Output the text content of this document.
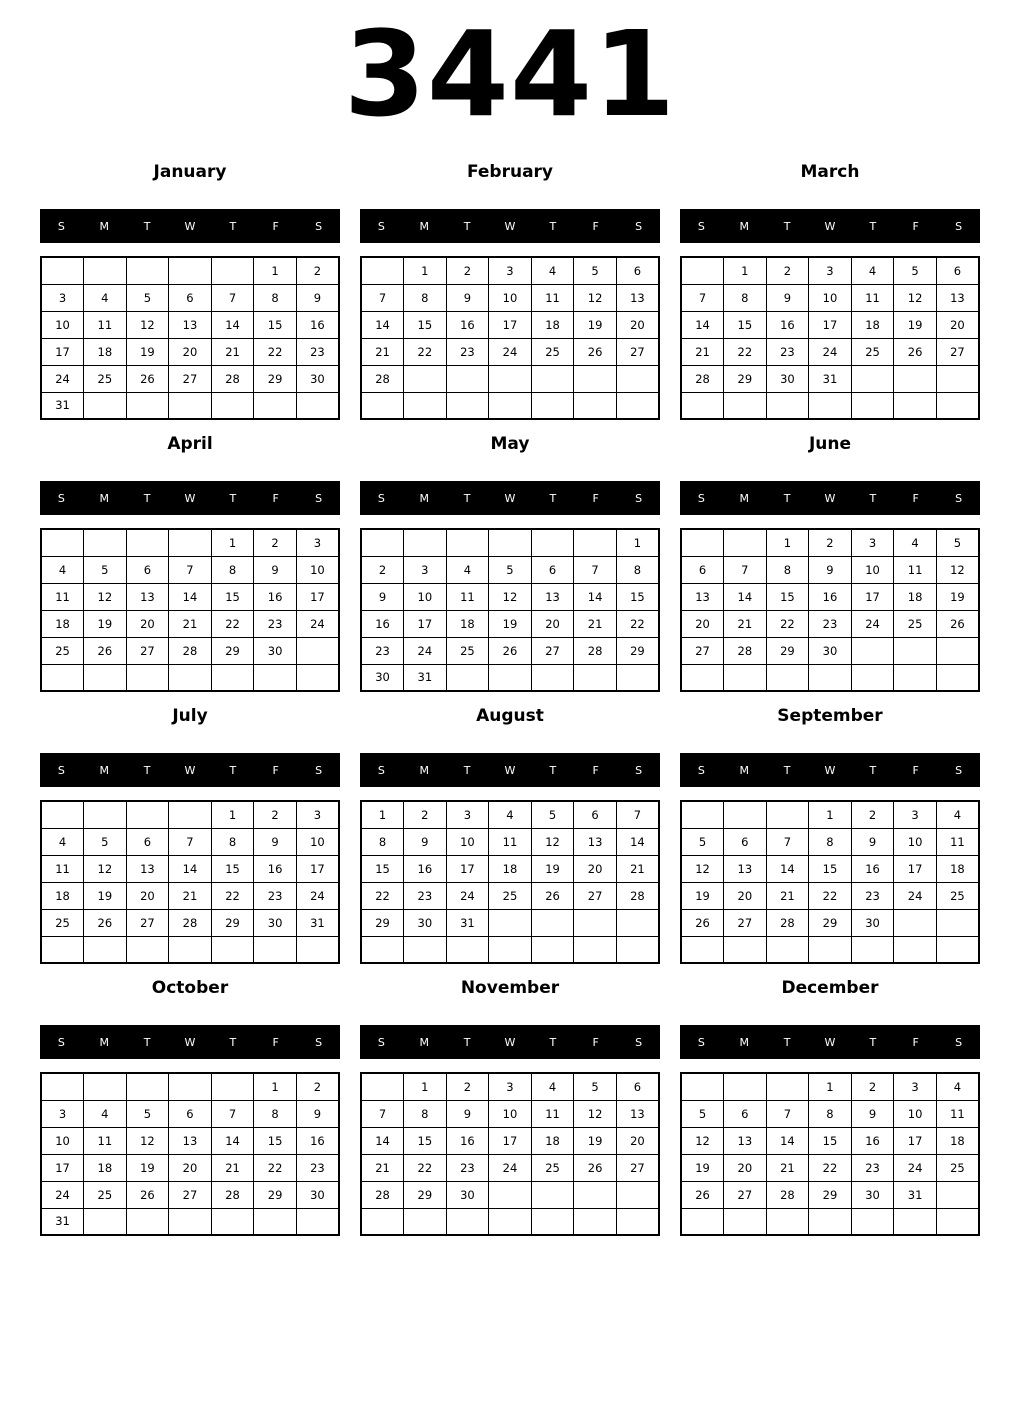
3441
January
S	M	T	W	T	F	S
					1	2
3	4	5	6	7	8	9
10	11	12	13	14	15	16
17	18	19	20	21	22	23
24	25	26	27	28	29	30
31						
February
S	M	T	W	T	F	S
	1	2	3	4	5	6
7	8	9	10	11	12	13
14	15	16	17	18	19	20
21	22	23	24	25	26	27
28						

March
S	M	T	W	T	F	S
	1	2	3	4	5	6
7	8	9	10	11	12	13
14	15	16	17	18	19	20
21	22	23	24	25	26	27
28	29	30	31			

April
S	M	T	W	T	F	S
				1	2	3
4	5	6	7	8	9	10
11	12	13	14	15	16	17
18	19	20	21	22	23	24
25	26	27	28	29	30	

May
S	M	T	W	T	F	S
						1
2	3	4	5	6	7	8
9	10	11	12	13	14	15
16	17	18	19	20	21	22
23	24	25	26	27	28	29
30	31					
June
S	M	T	W	T	F	S
		1	2	3	4	5
6	7	8	9	10	11	12
13	14	15	16	17	18	19
20	21	22	23	24	25	26
27	28	29	30			

July
S	M	T	W	T	F	S
				1	2	3
4	5	6	7	8	9	10
11	12	13	14	15	16	17
18	19	20	21	22	23	24
25	26	27	28	29	30	31

August
S	M	T	W	T	F	S
1	2	3	4	5	6	7
8	9	10	11	12	13	14
15	16	17	18	19	20	21
22	23	24	25	26	27	28
29	30	31				

September
S	M	T	W	T	F	S
			1	2	3	4
5	6	7	8	9	10	11
12	13	14	15	16	17	18
19	20	21	22	23	24	25
26	27	28	29	30		

October
S	M	T	W	T	F	S
					1	2
3	4	5	6	7	8	9
10	11	12	13	14	15	16
17	18	19	20	21	22	23
24	25	26	27	28	29	30
31						
November
S	M	T	W	T	F	S
	1	2	3	4	5	6
7	8	9	10	11	12	13
14	15	16	17	18	19	20
21	22	23	24	25	26	27
28	29	30				

December
S	M	T	W	T	F	S
			1	2	3	4
5	6	7	8	9	10	11
12	13	14	15	16	17	18
19	20	21	22	23	24	25
26	27	28	29	30	31	
